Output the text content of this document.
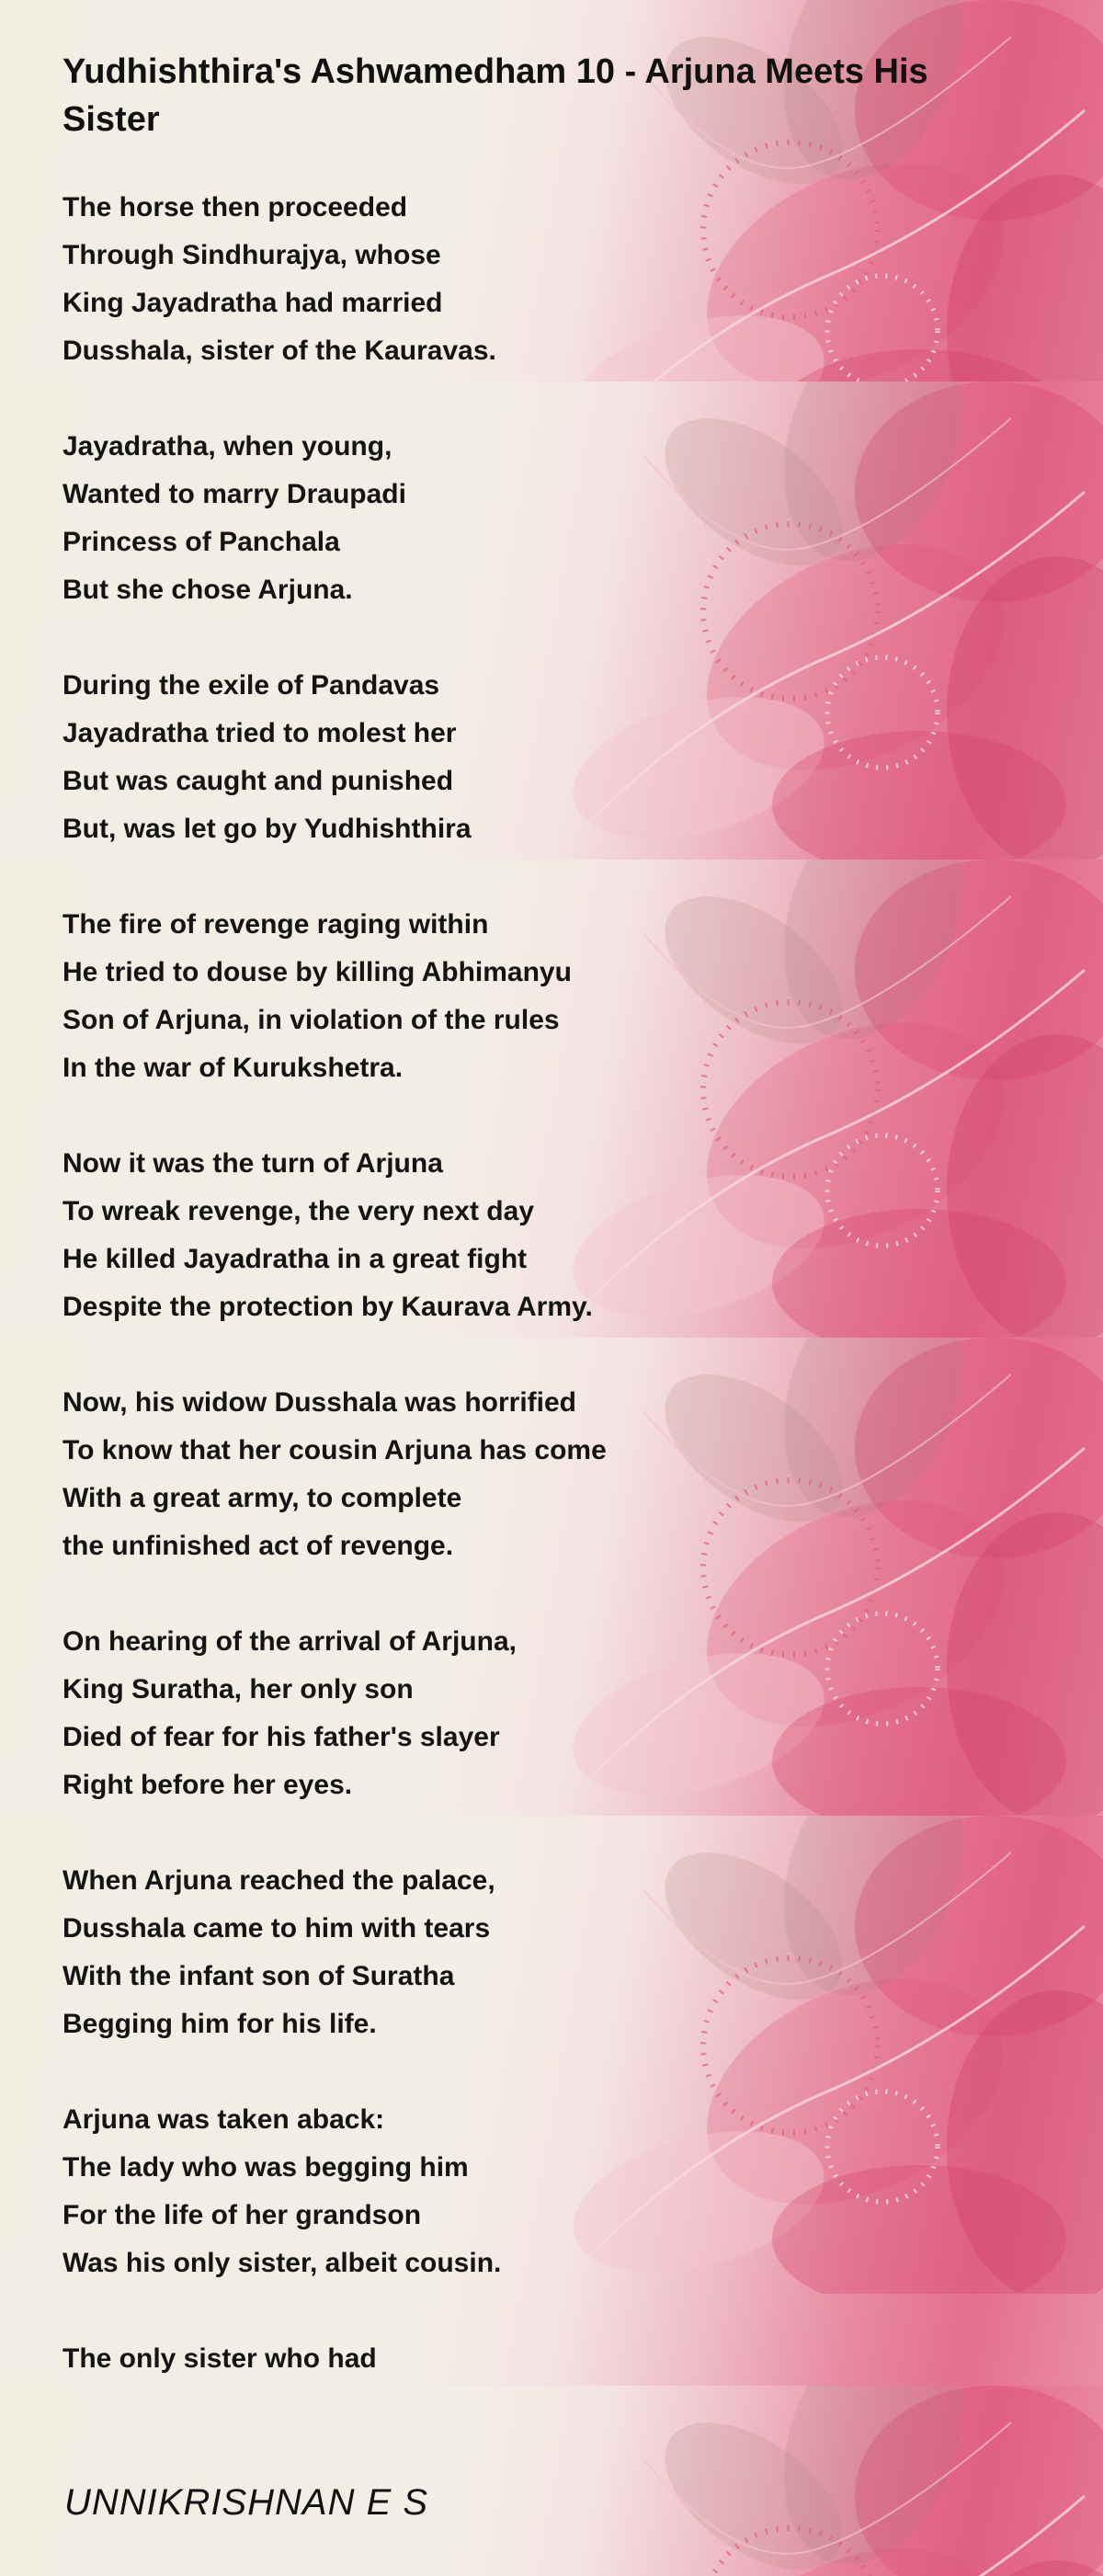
Yudhishthira's Ashwamedham 10 - Arjuna Meets His Sister
The horse then proceeded
Through Sindhurajya, whose
King Jayadratha had married
Dusshala, sister of the Kauravas.
Jayadratha, when young,
Wanted to marry Draupadi
Princess of Panchala
But she chose Arjuna.
During the exile of Pandavas
Jayadratha tried to molest her
But was caught and punished
But, was let go by Yudhishthira
The fire of revenge raging within
He tried to douse by killing Abhimanyu
Son of Arjuna, in violation of the rules
In the war of Kurukshetra.
Now it was the turn of Arjuna
To wreak revenge, the very next day
He killed Jayadratha in a great fight
Despite the protection by Kaurava Army.
Now, his widow Dusshala was horrified
To know that her cousin Arjuna has come
With a great army, to complete
the unfinished act of revenge.
On hearing of the arrival of Arjuna,
King Suratha, her only son
Died of fear for his father's slayer
Right before her eyes.
When Arjuna reached the palace,
Dusshala came to him with tears
With the infant son of Suratha
Begging him for his life.
Arjuna was taken aback:
The lady who was begging him
For the life of her grandson
Was his only sister, albeit cousin.
The only sister who had
UNNIKRISHNAN E S
